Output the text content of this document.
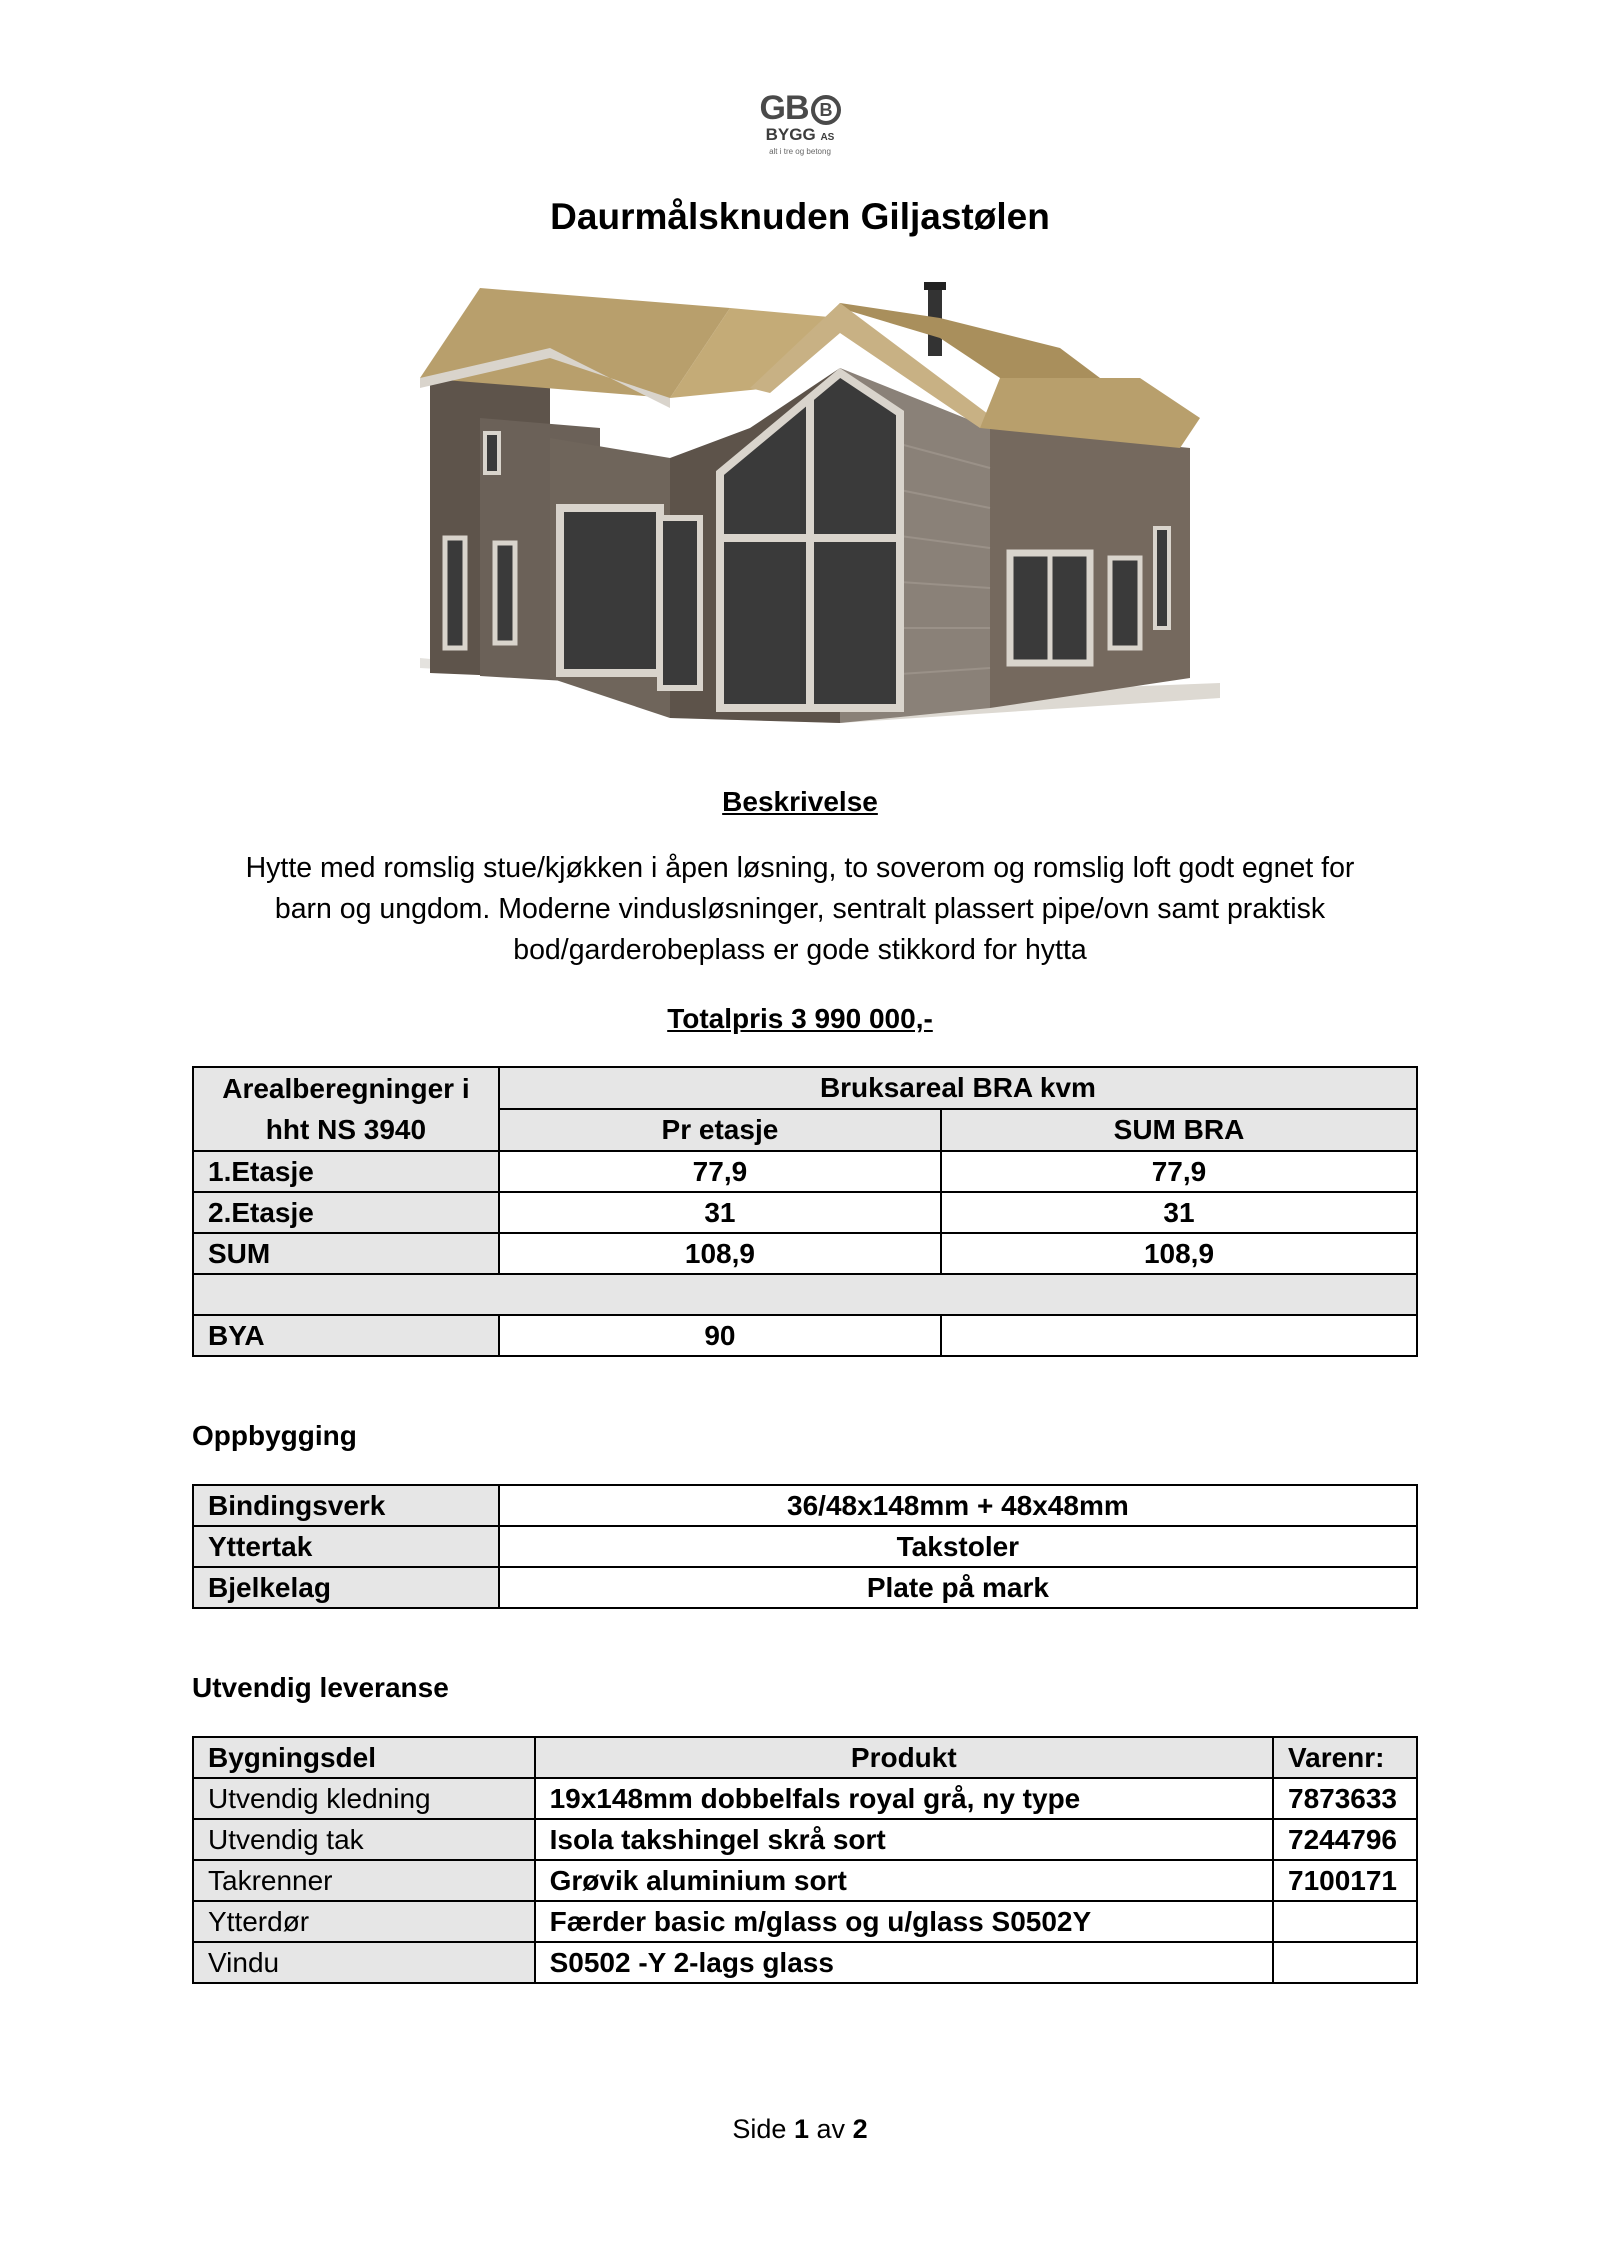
GB B
BYGG AS
alt i tre og betong
Daurmålsknuden Giljastølen
Beskrivelse
Hytte med romslig stue/kjøkken i åpen løsning, to soverom og romslig loft godt egnet for
barn og ungdom. Moderne vindusløsninger, sentralt plassert pipe/ovn samt praktisk
bod/garderobeplass er gode stikkord for hytta
Totalpris 3 990 000,-
Arealberegninger i
hht NS 3940	Bruksareal BRA kvm	
	Pr etasje	SUM BRA
1.Etasje	77,9	77,9
2.Etasje	31	31
SUM	108,9	108,9

BYA	90	
Oppbygging
Bindingsverk	36/48x148mm + 48x48mm
Yttertak	Takstoler
Bjelkelag	Plate på mark
Utvendig leveranse
Bygningsdel	Produkt	Varenr:
Utvendig kledning	19x148mm dobbelfals royal grå, ny type	7873633
Utvendig tak	Isola takshingel skrå sort	7244796
Takrenner	Grøvik aluminium sort	7100171
Ytterdør	Færder basic m/glass og u/glass S0502Y	
Vindu	S0502 -Y 2-lags glass	
Side 1 av 2
